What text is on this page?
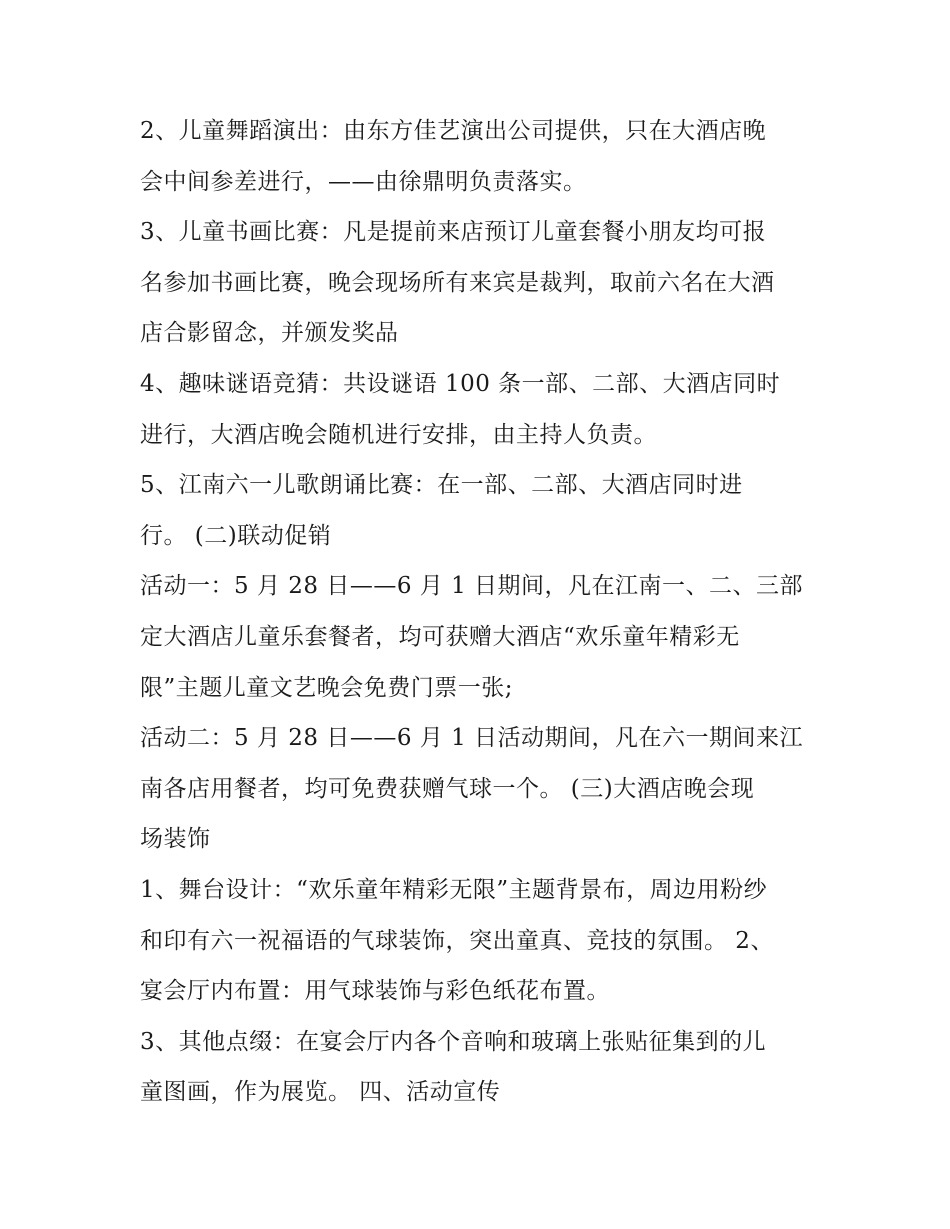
2、儿童舞蹈演出：由东方佳艺演出公司提供，只在大酒店晚
会中间参差进行，——由徐鼎明负责落实。
3、儿童书画比赛：凡是提前来店预订儿童套餐小朋友均可报
名参加书画比赛，晚会现场所有来宾是裁判，取前六名在大酒
店合影留念，并颁发奖品
4、趣味谜语竞猜：共设谜语 100 条一部、二部、大酒店同时
进行，大酒店晚会随机进行安排，由主持人负责。
5、江南六一儿歌朗诵比赛：在一部、二部、大酒店同时进
行。 (二)联动促销
活动一：5 月 28 日——6 月 1 日期间，凡在江南一、二、三部
定大酒店儿童乐套餐者，均可获赠大酒店“欢乐童年精彩无
限”主题儿童文艺晚会免费门票一张;
活动二：5 月 28 日——6 月 1 日活动期间，凡在六一期间来江
南各店用餐者，均可免费获赠气球一个。 (三)大酒店晚会现
场装饰
1、舞台设计：“欢乐童年精彩无限”主题背景布，周边用粉纱
和印有六一祝福语的气球装饰，突出童真、竞技的氛围。 2、
宴会厅内布置：用气球装饰与彩色纸花布置。
3、其他点缀：在宴会厅内各个音响和玻璃上张贴征集到的儿
童图画，作为展览。 四、活动宣传
